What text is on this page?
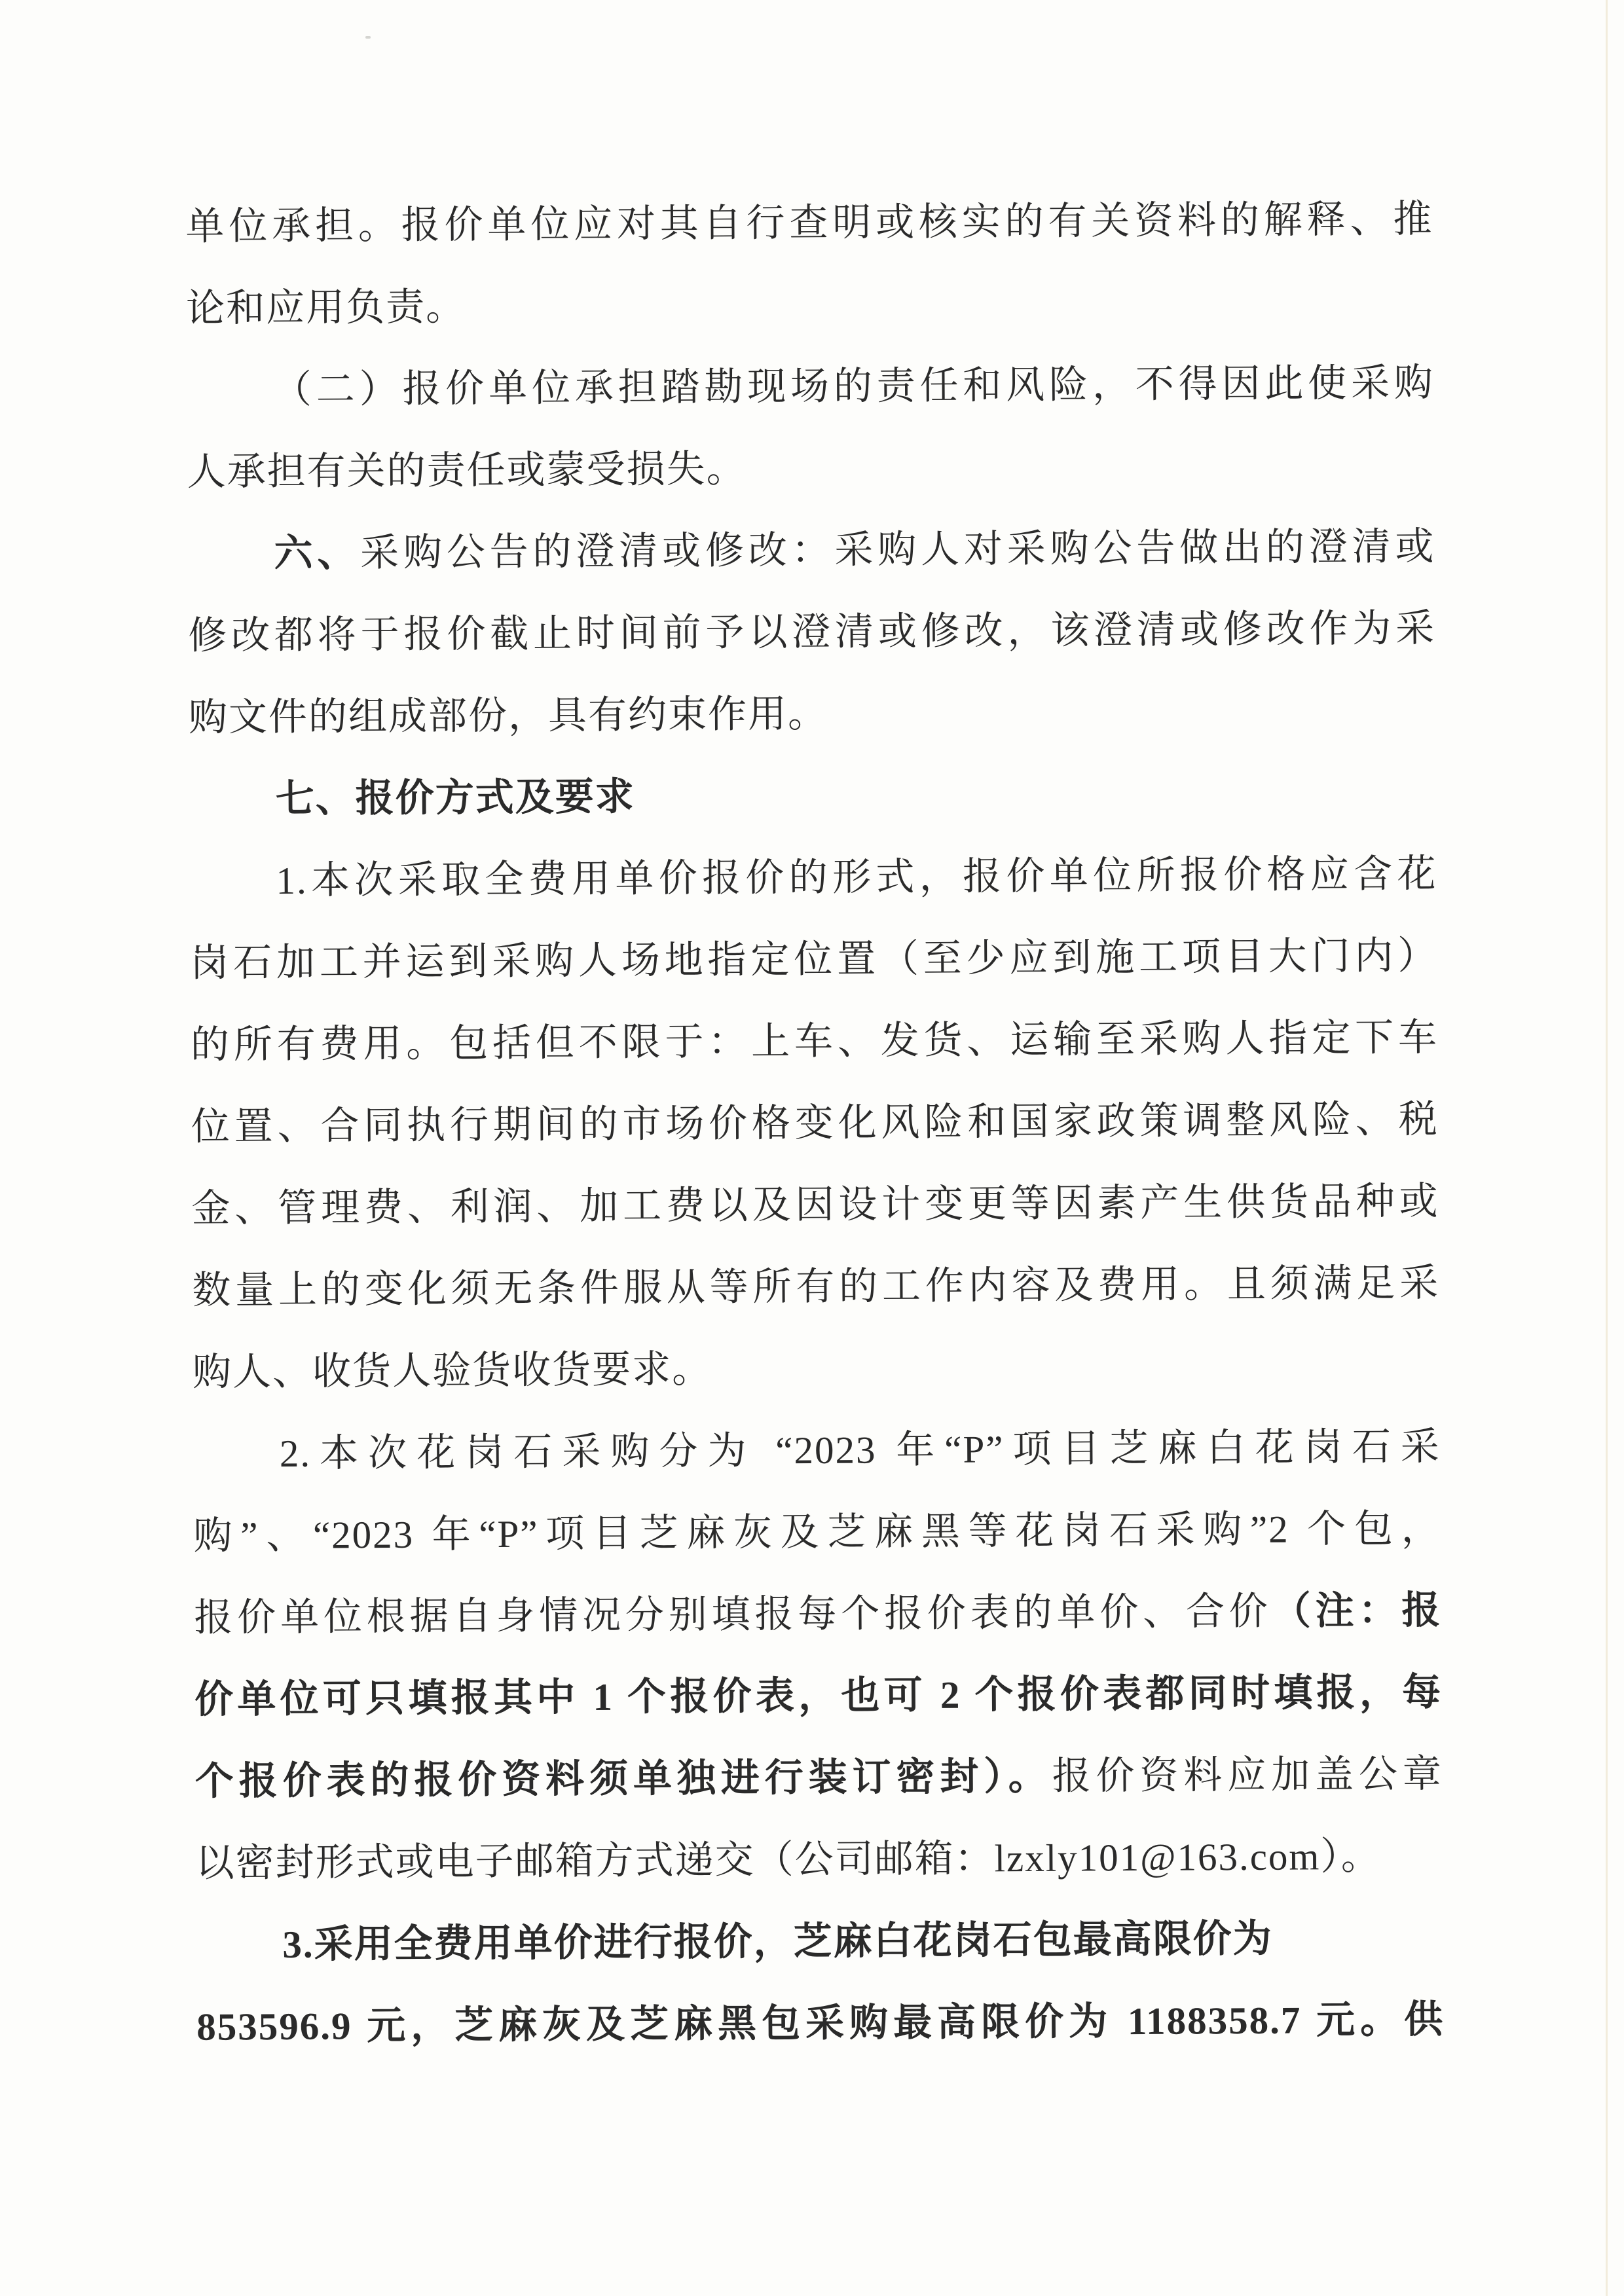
单位承担。报价单位应对其自行查明或核实的有关资料的解释、推
论和应用负责。
（二）报价单位承担踏勘现场的责任和风险，不得因此使采购
人承担有关的责任或蒙受损失。
六、采购公告的澄清或修改：采购人对采购公告做出的澄清或
修改都将于报价截止时间前予以澄清或修改，该澄清或修改作为采
购文件的组成部份，具有约束作用。
七、报价方式及要求
1.本次采取全费用单价报价的形式，报价单位所报价格应含花
岗石加工并运到采购人场地指定位置（至少应到施工项目大门内）
的所有费用。包括但不限于：上车、发货、运输至采购人指定下车
位置、合同执行期间的市场价格变化风险和国家政策调整风险、税
金、管理费、利润、加工费以及因设计变更等因素产生供货品种或
数量上的变化须无条件服从等所有的工作内容及费用。且须满足采
购人、收货人验货收货要求。
2.本次花岗石采购分为 “2023 年“P”项目芝麻白花岗石采
购”、“2023 年“P”项目芝麻灰及芝麻黑等花岗石采购”2 个包，
报价单位根据自身情况分别填报每个报价表的单价、合价（注：报
价单位可只填报其中 1 个报价表，也可 2 个报价表都同时填报，每
个报价表的报价资料须单独进行装订密封）。报价资料应加盖公章
以密封形式或电子邮箱方式递交（公司邮箱：lzxly101@163.com）。
3.采用全费用单价进行报价，芝麻白花岗石包最高限价为
853596.9 元，芝麻灰及芝麻黑包采购最高限价为 1188358.7 元。供
